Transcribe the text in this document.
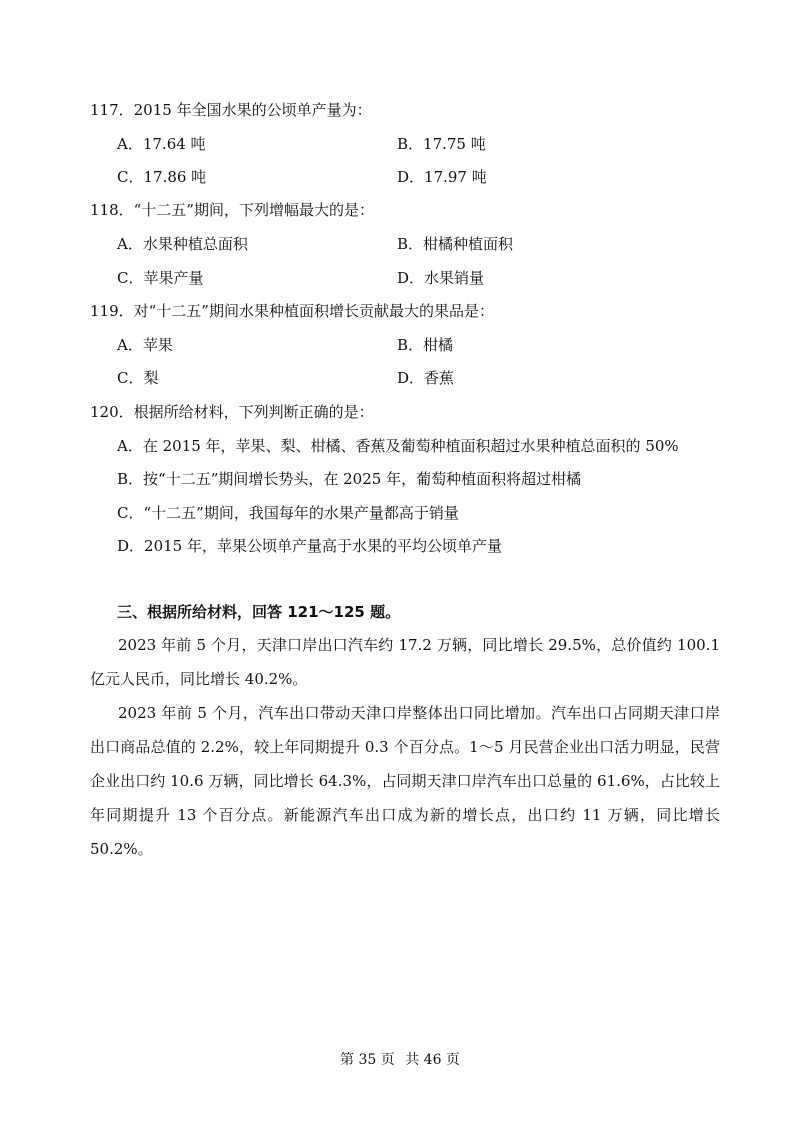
117．2015 年全国水果的公顷单产量为：
A．17.64 吨	B．17.75 吨
C．17.86 吨	D．17.97 吨
118．“十二五”期间，下列增幅最大的是：
A．水果种植总面积	B．柑橘种植面积
C．苹果产量	D．水果销量
119．对“十二五”期间水果种植面积增长贡献最大的果品是：
A．苹果	B．柑橘
C．梨	D．香蕉
120．根据所给材料，下列判断正确的是：
A．在 2015 年，苹果、梨、柑橘、香蕉及葡萄种植面积超过水果种植总面积的 50%
B．按“十二五”期间增长势头，在 2025 年，葡萄种植面积将超过柑橘
C．“十二五”期间，我国每年的水果产量都高于销量
D．2015 年，苹果公顷单产量高于水果的平均公顷单产量
三、根据所给材料，回答 121～125 题。
2023 年前 5 个月，天津口岸出口汽车约 17.2 万辆，同比增长 29.5%，总价值约 100.1 亿元人民币，同比增长 40.2%。
2023 年前 5 个月，汽车出口带动天津口岸整体出口同比增加。汽车出口占同期天津口岸出口商品总值的 2.2%，较上年同期提升 0.3 个百分点。1～5 月民营企业出口活力明显，民营企业出口约 10.6 万辆，同比增长 64.3%，占同期天津口岸汽车出口总量的 61.6%，占比较上年同期提升 13 个百分点。新能源汽车出口成为新的增长点，出口约 11 万辆，同比增长 50.2%。
第 35 页 共 46 页
